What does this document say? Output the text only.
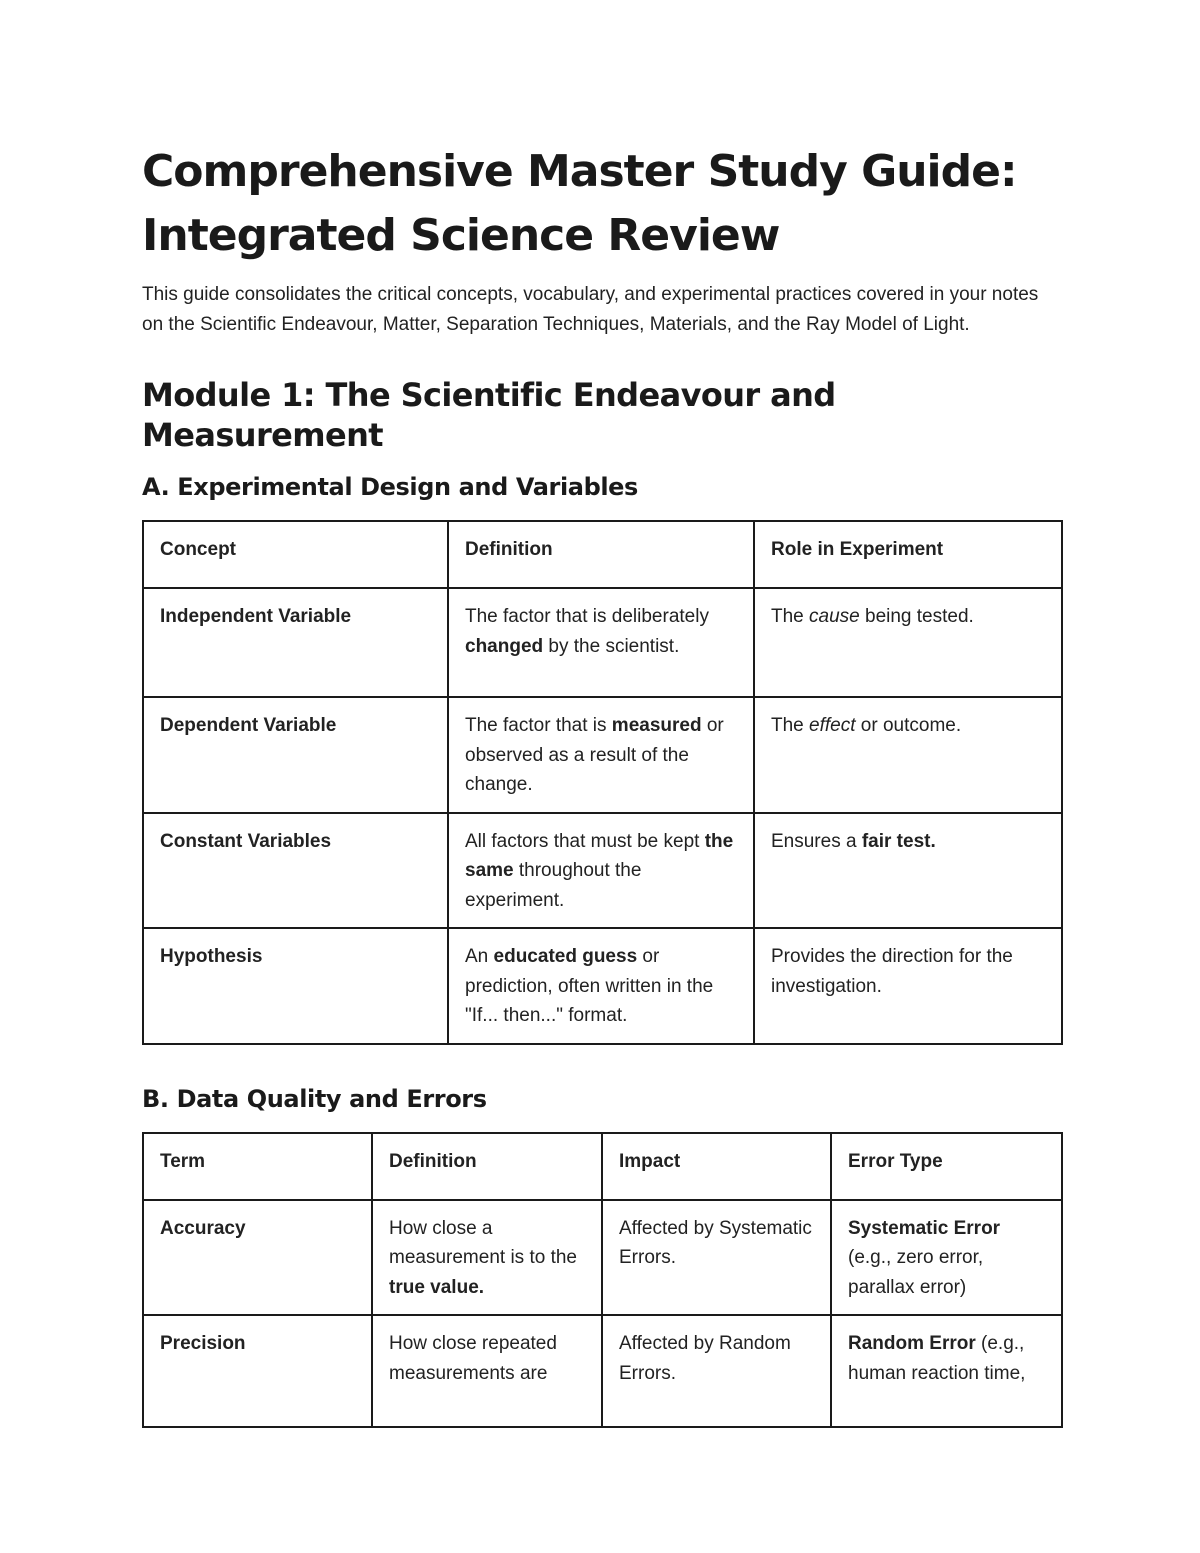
Comprehensive Master Study Guide: Integrated Science Review

This guide consolidates the critical concepts, vocabulary, and experimental practices covered in your notes on the Scientific Endeavour, Matter, Separation Techniques, Materials, and the Ray Model of Light.

Module 1: The Scientific Endeavour and Measurement
A. Experimental Design and Variables
Concept	Definition	Role in Experiment
Independent Variable	The factor that is deliberately changed by the scientist.	The cause being tested.
Dependent Variable	The factor that is measured or observed as a result of the change.	The effect or outcome.
Constant Variables	All factors that must be kept the same throughout the experiment.	Ensures a fair test.
Hypothesis	An educated guess or prediction, often written in the "If... then..." format.	Provides the direction for the investigation.
B. Data Quality and Errors
Term	Definition	Impact	Error Type
Accuracy	How close a measurement is to the true value.	Affected by Systematic Errors.	Systematic Error (e.g., zero error, parallax error)
Precision	How close repeated measurements are	Affected by Random Errors.	Random Error (e.g., human reaction time,
